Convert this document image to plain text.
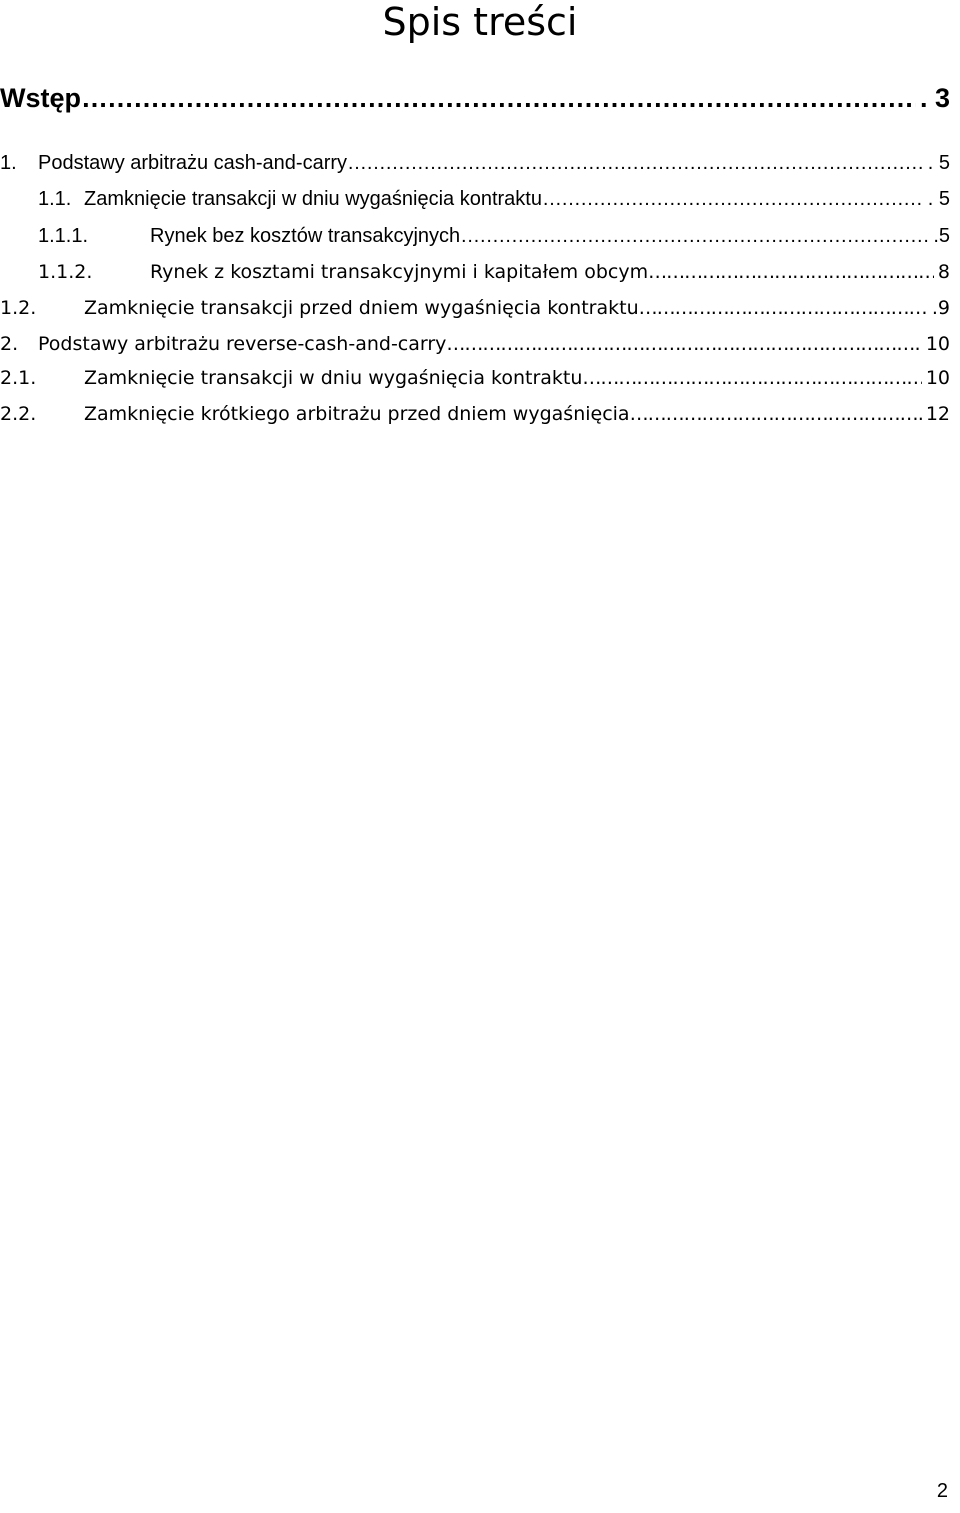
Spis treści
Wstęp ……………………………………………………………………………………………………………………………………………………………………………………………………………	. 3
1.	Podstawy arbitrażu cash-and-carry ……………………………………………………………………………………………………………………………………………………………………………………………………………	. 5
1.1. Zamknięcie transakcji w dniu wygaśnięcia kontraktu ……………………………………………………………………………………………………………………………………………………………………………………………………………	. 5
1.1.1.	Rynek bez kosztów transakcyjnych ……………………………………………………………………………………………………………………………………………………………………………………………………………	.5
1.1.2.	Rynek z kosztami transakcyjnymi i kapitałem obcym ……………………………………………………………………………………………………………………………………………………………………………………………………………	8
1.2.	Zamknięcie transakcji przed dniem wygaśnięcia kontraktu ……………………………………………………………………………………………………………………………………………………………………………………………………………	.9
2.	Podstawy arbitrażu reverse-cash-and-carry ……………………………………………………………………………………………………………………………………………………………………………………………………………	10
2.1.	Zamknięcie transakcji w dniu wygaśnięcia kontraktu ……………………………………………………………………………………………………………………………………………………………………………………………………………	10
2.2.	Zamknięcie krótkiego arbitrażu przed dniem wygaśnięcia ……………………………………………………………………………………………………………………………………………………………………………………………………………	12
2
